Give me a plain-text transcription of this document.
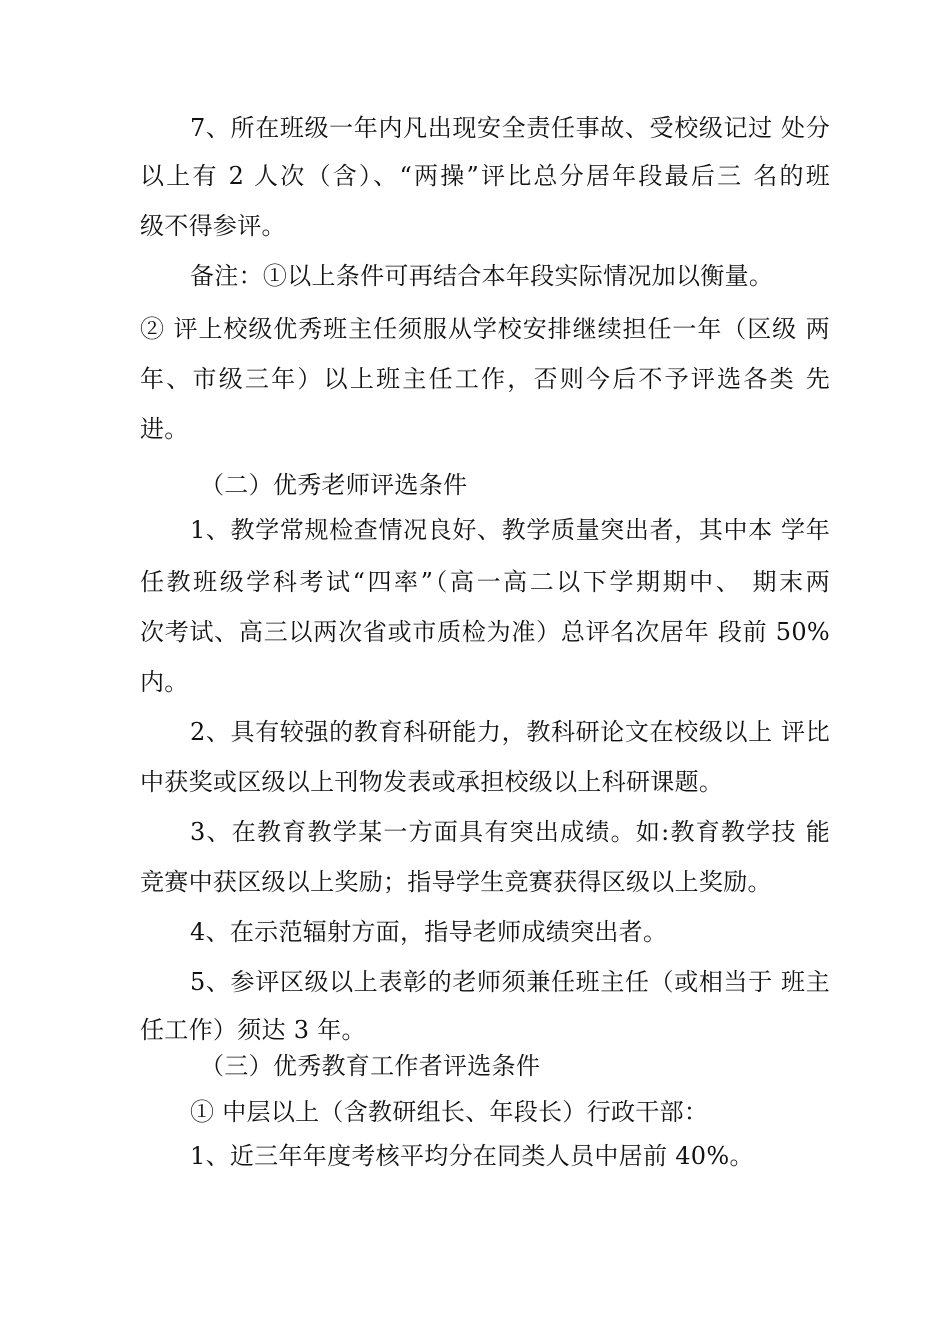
7、所在班级一年内凡出现安全责任事故、受校级记过 处分
以上有 2 人次（含）、“两操”评比总分居年段最后三 名的班
级不得参评。
备注：①以上条件可再结合本年段实际情况加以衡量。
② 评上校级优秀班主任须服从学校安排继续担任一年（区级 两
年、市级三年）以上班主任工作，否则今后不予评选各类 先
进。
（二）优秀老师评选条件
1、教学常规检查情况良好、教学质量突出者，其中本 学年
任教班级学科考试“四率”（高一高二以下学期期中、 期末两
次考试、高三以两次省或市质检为准）总评名次居年 段前 50%
内。
2、具有较强的教育科研能力，教科研论文在校级以上 评比
中获奖或区级以上刊物发表或承担校级以上科研课题。
3、在教育教学某一方面具有突出成绩。如:教育教学技 能
竞赛中获区级以上奖励；指导学生竞赛获得区级以上奖励。
4、在示范辐射方面，指导老师成绩突出者。
5、参评区级以上表彰的老师须兼任班主任（或相当于 班主
任工作）须达 3 年。
（三）优秀教育工作者评选条件
① 中层以上（含教研组长、年段长）行政干部：
1、近三年年度考核平均分在同类人员中居前 40%。
